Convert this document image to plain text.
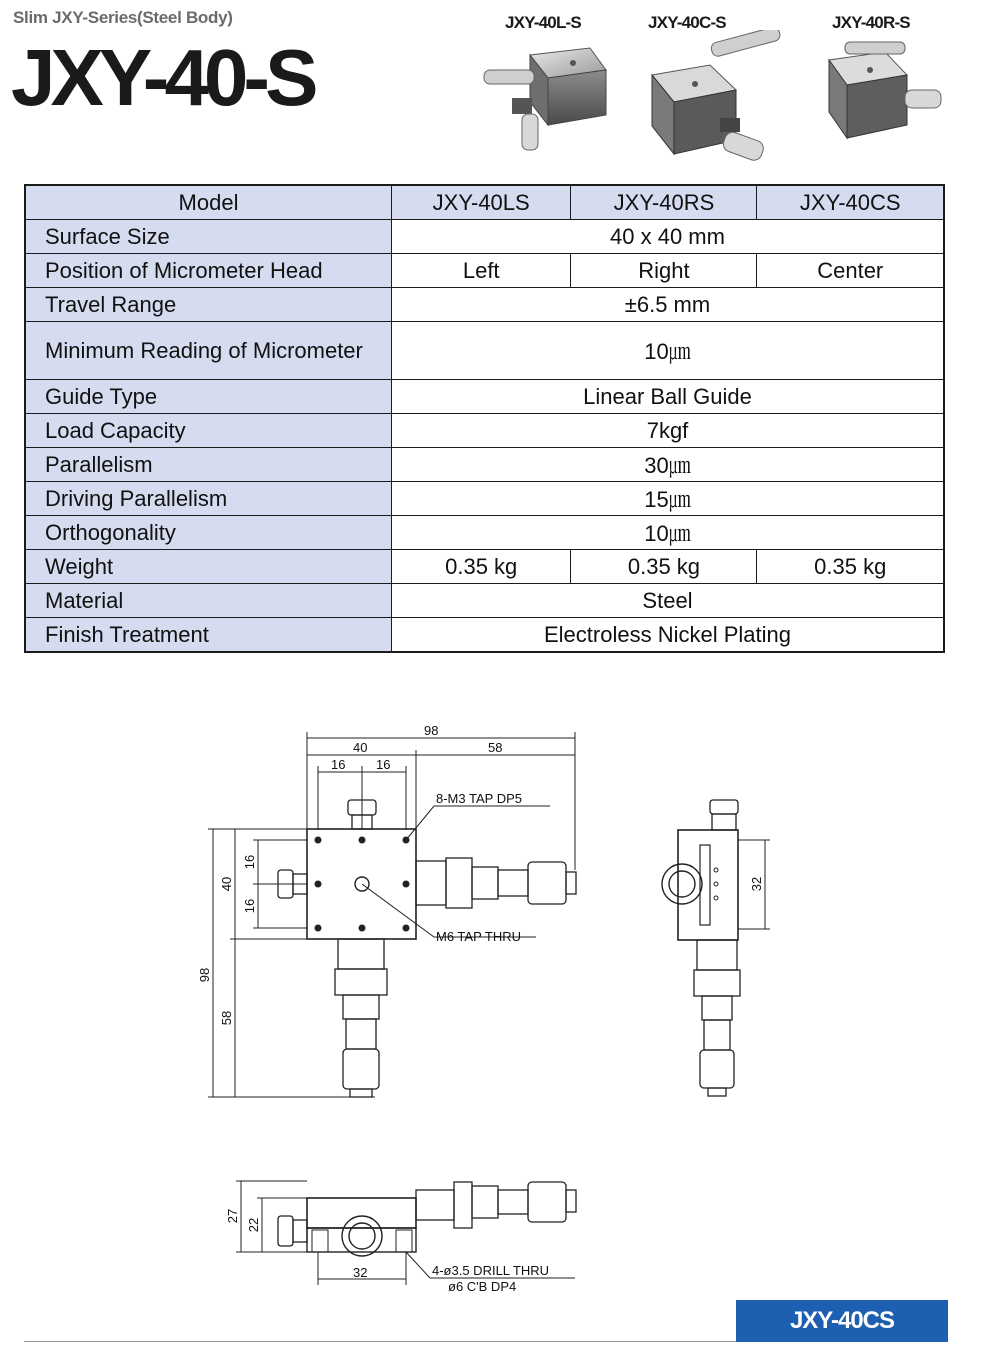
Slim JXY-Series(Steel Body)
JXY-40-S
JXY-40L-S	JXY-40C-S	JXY-40R-S
Model	JXY-40LS	JXY-40RS	JXY-40CS
Surface Size	40 x 40 mm		
Position of Micrometer Head	Left	Right	Center
Travel Range	±6.5 mm		
Minimum Reading of Micrometer	10㎛		
Guide Type	Linear Ball Guide		
Load Capacity	7kgf		
Parallelism	30㎛		
Driving Parallelism	15㎛		
Orthogonality	10㎛		
Weight	0.35 kg	0.35 kg	0.35 kg
Material	Steel		
Finish Treatment	Electroless Nickel Plating		
98
40	58
16 16
8-M3 TAP DP5
M6 TAP THRU
98
40
58
16
16
32
27
22
32	4-ø3.5 DRILL THRU
ø6 C'B DP4
JXY-40CS
